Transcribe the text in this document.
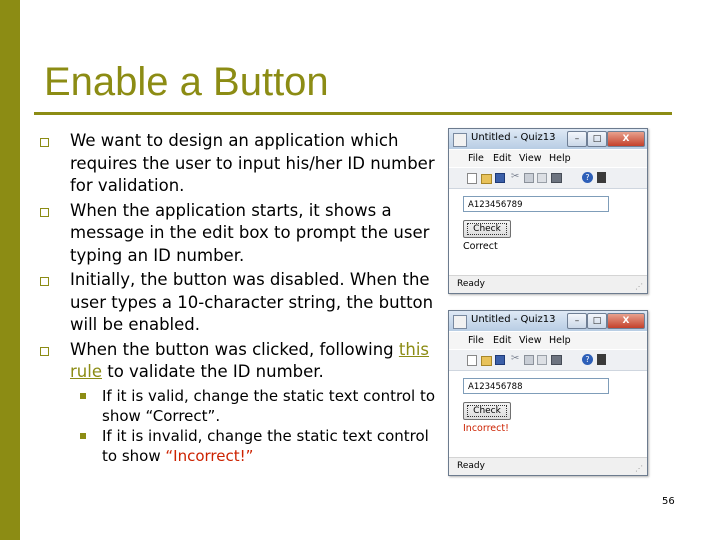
Enable a Button
We want to design an application which requires the user to input his/her ID number for validation.
When the application starts, it shows a message in the edit box to prompt the user typing an ID number.
Initially, the button was disabled. When the user types a 10-character string, the button will be enabled.
When the button was clicked, following this rule to validate the ID number.
If it is valid, change the static text control to show “Correct”.
If it is invalid, change the static text control to show “Incorrect!”
Untitled - Quiz13	–	□	X
File Edit View Help
✂	?
A123456789
Check
Correct
Ready	⋰
Untitled - Quiz13	–	□	X
File Edit View Help
✂	?
A123456788
Check
Incorrect!
Ready	⋰
56
